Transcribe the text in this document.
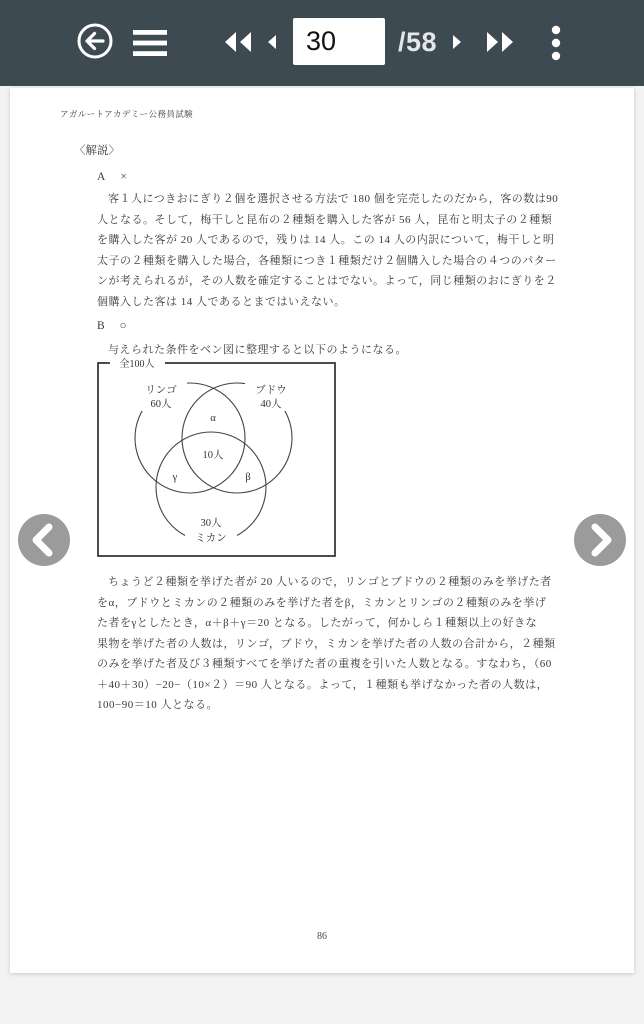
30
/58
アガルートアカデミー公務員試験
〈解説〉
A ×
客１人につきおにぎり２個を選択させる方法で 180 個を完売したのだから，客の数は90
人となる。そして，梅干しと昆布の２種類を購入した客が 56 人，昆布と明太子の２種類
を購入した客が 20 人であるので，残りは 14 人。この 14 人の内訳について，梅干しと明
太子の２種類を購入した場合，各種類につき１種類だけ２個購入した場合の４つのパター
ンが考えられるが，その人数を確定することはでない。よって，同じ種類のおにぎりを２
個購入した客は 14 人であるとまではいえない。
B ○
与えられた条件をベン図に整理すると以下のようになる。
全100人
リンゴ
60人
ブドウ
40人
α
10人
γ	β
30人
ミカン
ちょうど２種類を挙げた者が 20 人いるので，リンゴとブドウの２種類のみを挙げた者
をα，ブドウとミカンの２種類のみを挙げた者をβ，ミカンとリンゴの２種類のみを挙げ
た者をγとしたとき，α＋β＋γ＝20 となる。したがって，何かしら１種類以上の好きな
果物を挙げた者の人数は，リンゴ，ブドウ，ミカンを挙げた者の人数の合計から，２種類
のみを挙げた者及び３種類すべてを挙げた者の重複を引いた人数となる。すなわち，（60
＋40＋30）−20−（10×２）＝90 人となる。よって，１種類も挙げなかった者の人数は，
100−90＝10 人となる。
86
